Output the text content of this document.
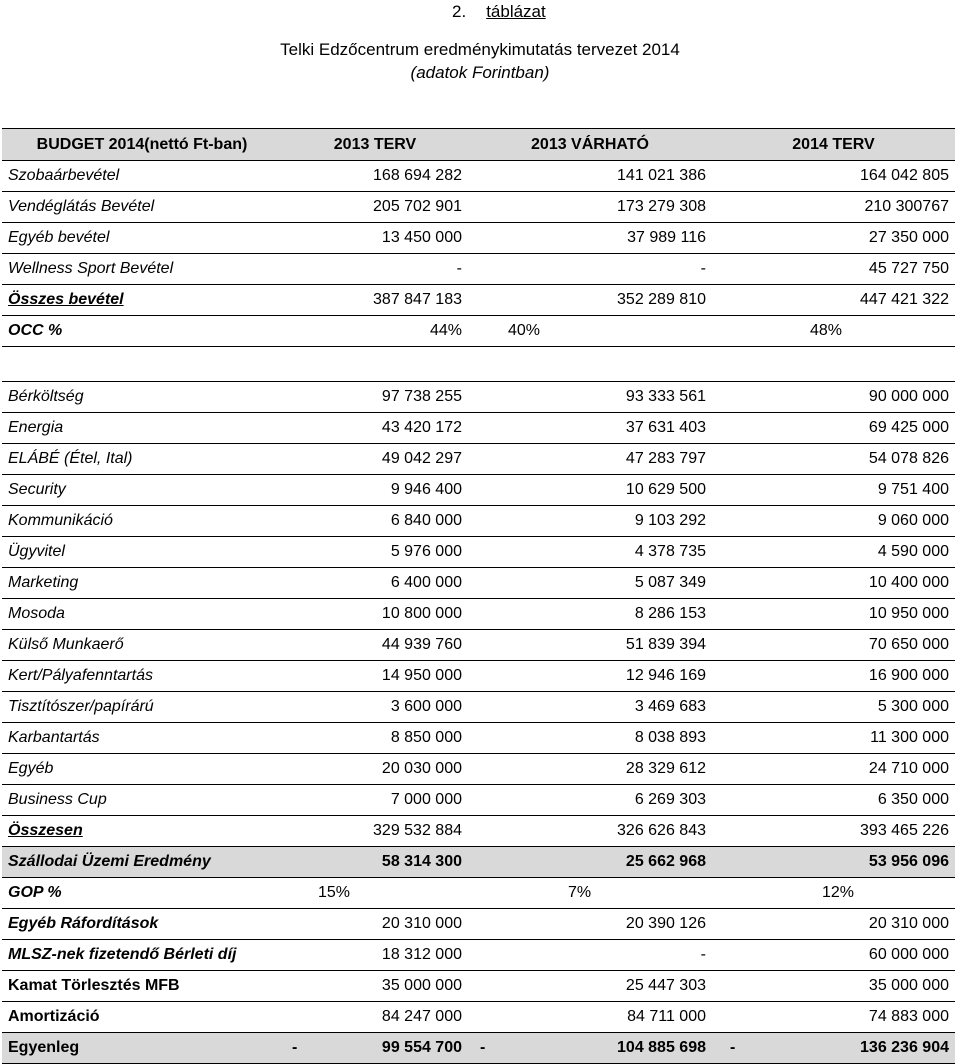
2. táblázat
Telki Edzőcentrum eredménykimutatás tervezet 2014
(adatok Forintban)
BUDGET 2014(nettó Ft-ban)	2013 TERV	2013 VÁRHATÓ	2014 TERV
Szobaárbevétel	168 694 282	141 021 386	164 042 805
Vendéglátás Bevétel	205 702 901	173 279 308	210 300767
Egyéb bevétel	13 450 000	37 989 116	27 350 000
Wellness Sport Bevétel	-	-	45 727 750
Összes bevétel	387 847 183	352 289 810	447 421 322
OCC %	44%	40%	48%

Bérköltség	97 738 255	93 333 561	90 000 000
Energia	43 420 172	37 631 403	69 425 000
ELÁBÉ (Étel, Ital)	49 042 297	47 283 797	54 078 826
Security	9 946 400	10 629 500	9 751 400
Kommunikáció	6 840 000	9 103 292	9 060 000
Ügyvitel	5 976 000	4 378 735	4 590 000
Marketing	6 400 000	5 087 349	10 400 000
Mosoda	10 800 000	8 286 153	10 950 000
Külső Munkaerő	44 939 760	51 839 394	70 650 000
Kert/Pályafenntartás	14 950 000	12 946 169	16 900 000
Tisztítószer/papírárú	3 600 000	3 469 683	5 300 000
Karbantartás	8 850 000	8 038 893	11 300 000
Egyéb	20 030 000	28 329 612	24 710 000
Business Cup	7 000 000	6 269 303	6 350 000
Összesen	329 532 884	326 626 843	393 465 226
Szállodai Üzemi Eredmény	58 314 300	25 662 968	53 956 096
GOP %	15%	7%	12%
Egyéb Ráfordítások	20 310 000	20 390 126	20 310 000
MLSZ-nek fizetendő Bérleti díj	18 312 000	-	60 000 000
Kamat Törlesztés MFB	35 000 000	25 447 303	35 000 000
Amortizáció	84 247 000	84 711 000	74 883 000
Egyenleg	- 99 554 700	- 104 885 698	- 136 236 904
